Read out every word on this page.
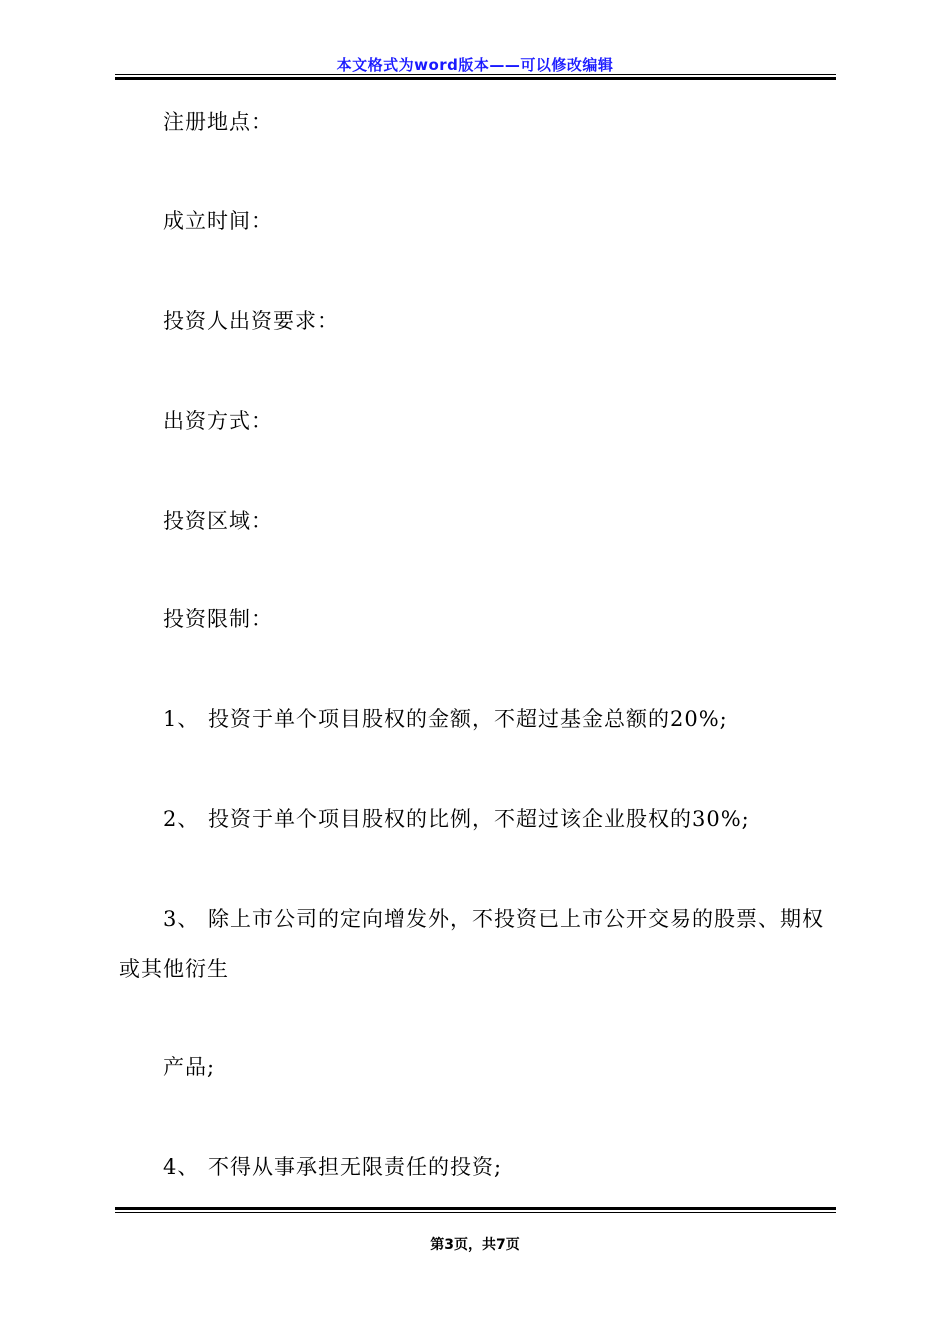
本文格式为word版本——可以修改编辑
注册地点：
成立时间：
投资人出资要求：
出资方式：
投资区域：
投资限制：
1、 投资于单个项目股权的金额，不超过基金总额的20%;
2、 投资于单个项目股权的比例，不超过该企业股权的30%;
3、 除上市公司的定向增发外，不投资已上市公开交易的股票、期权
或其他衍生
产品;
4、 不得从事承担无限责任的投资;
第3页，共7页
